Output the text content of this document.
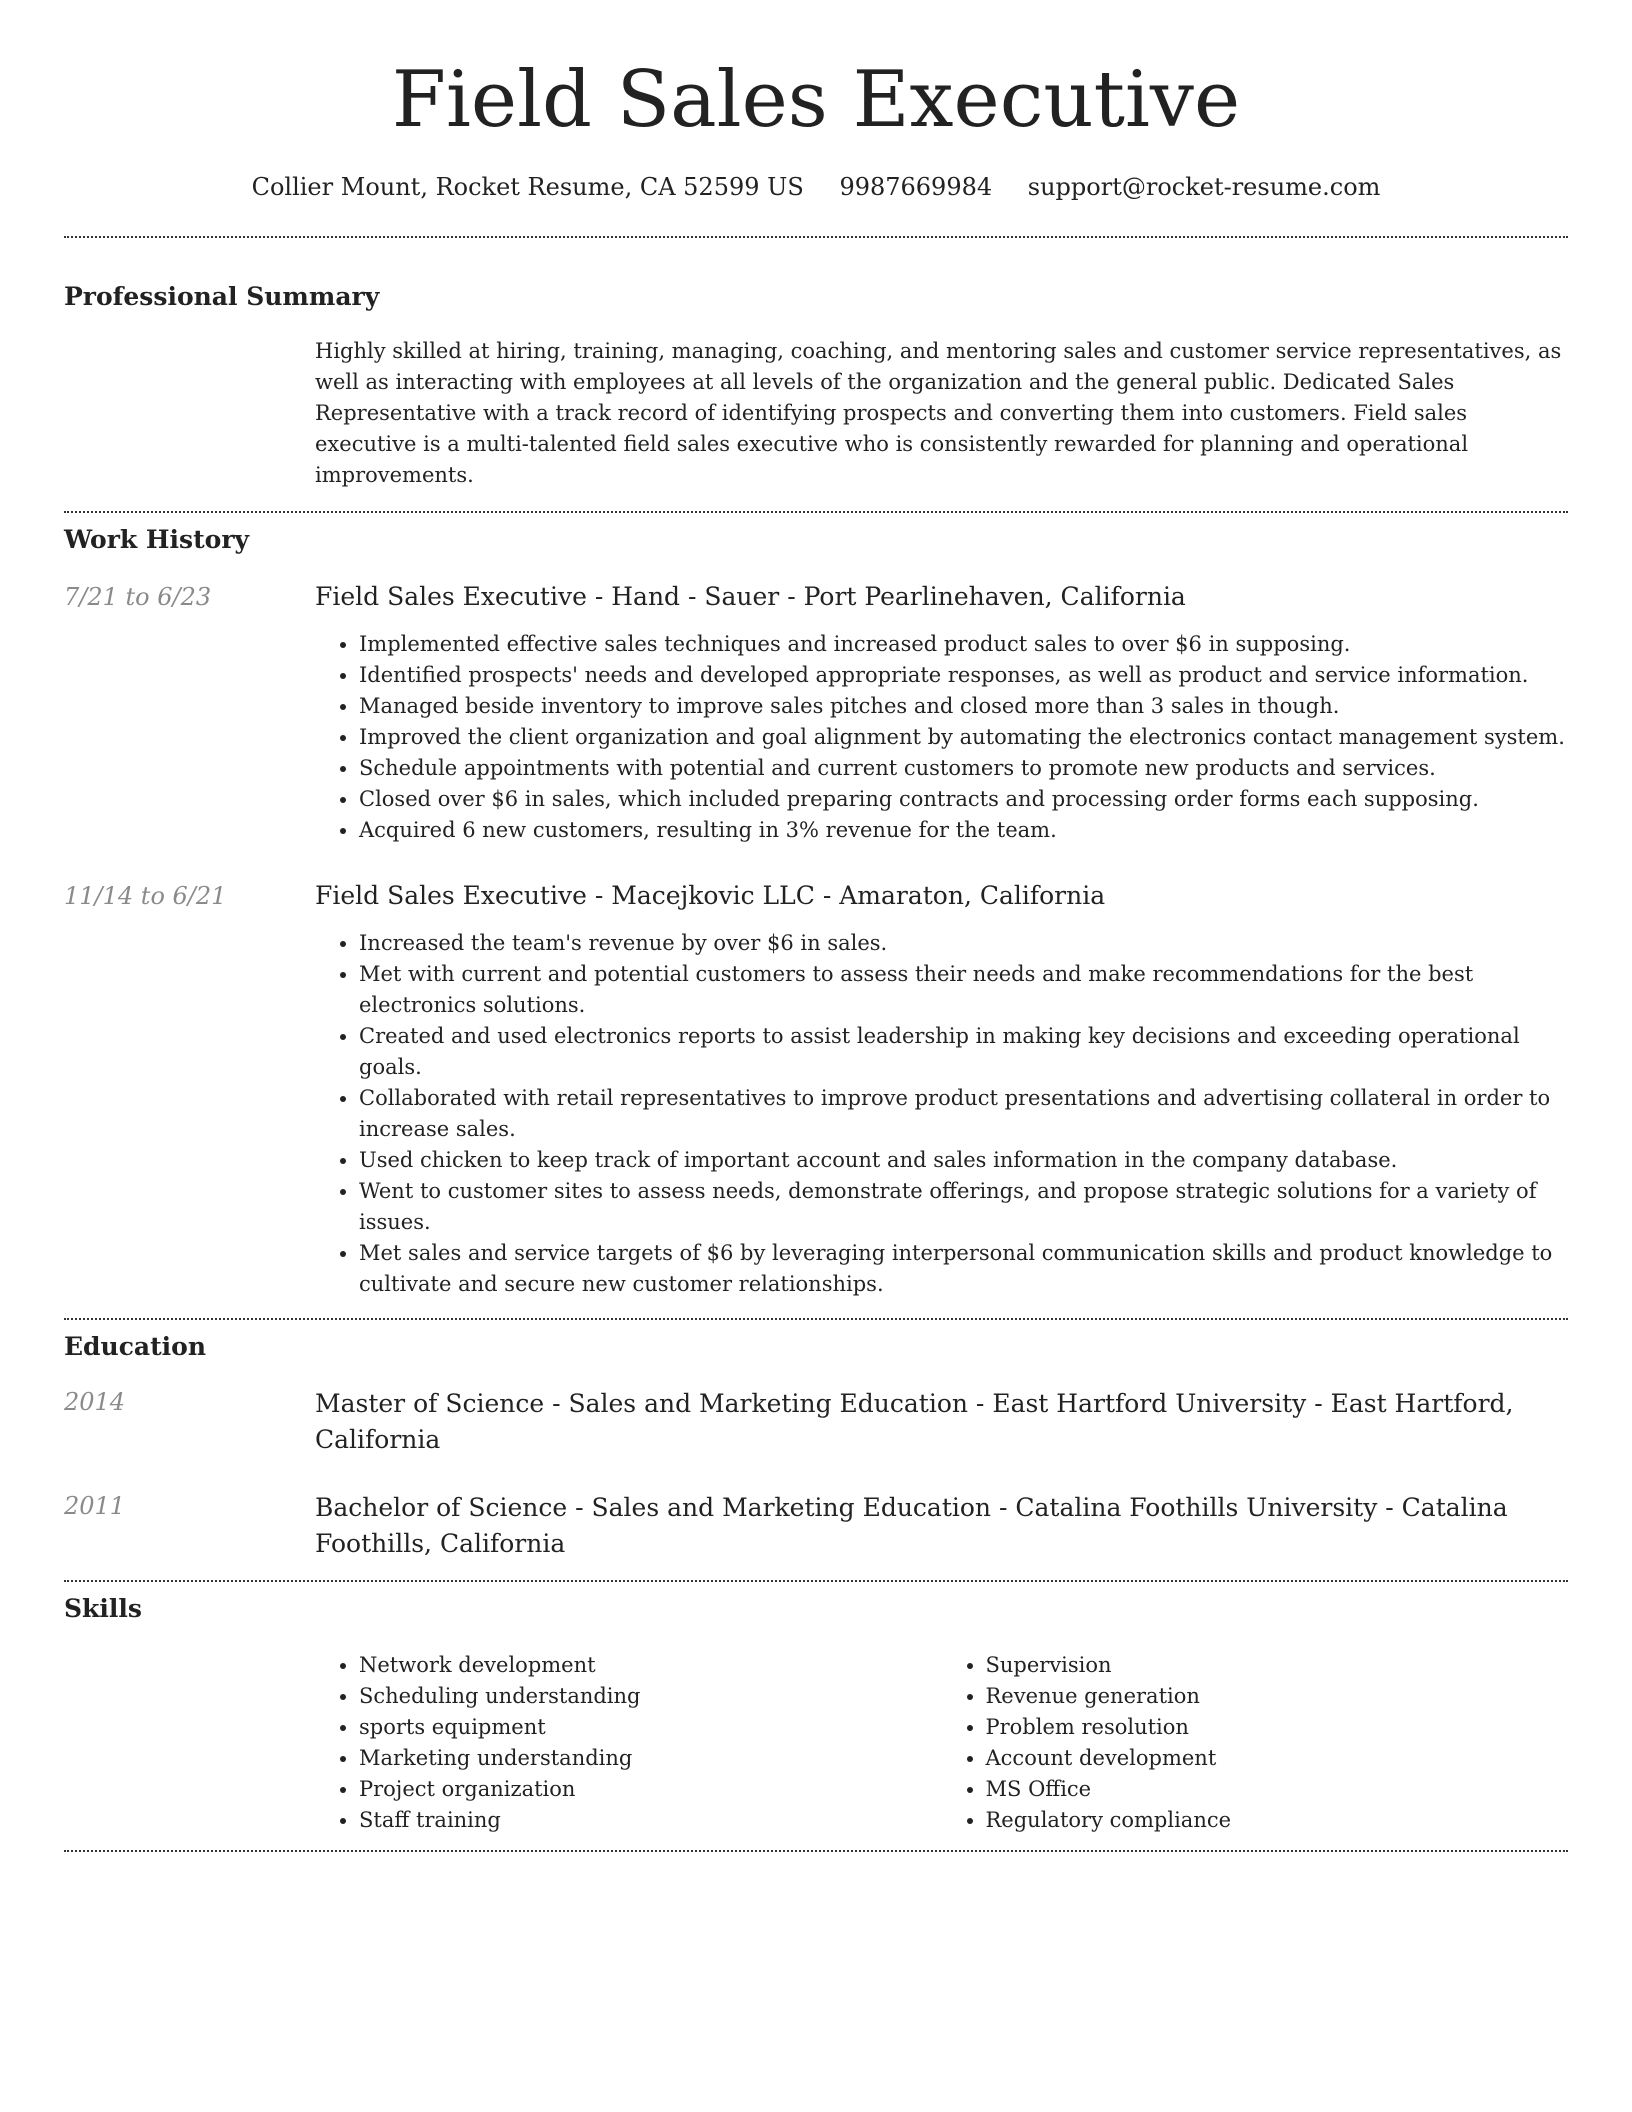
Field Sales Executive
Collier Mount, Rocket Resume, CA 52599 US 9987669984 support@rocket-resume.com
Professional Summary

Highly skilled at hiring, training, managing, coaching, and mentoring sales and customer service representatives, as well as interacting with employees at all levels of the organization and the general public. Dedicated Sales Representative with a track record of identifying prospects and converting them into customers. Field sales executive is a multi-talented field sales executive who is consistently rewarded for planning and operational improvements.

Work History
7/21 to 6/23	Field Sales Executive - Hand - Sauer - Port Pearlinehaven, California
• Implemented effective sales techniques and increased product sales to over $6 in supposing.
• Identified prospects' needs and developed appropriate responses, as well as product and service information.
• Managed beside inventory to improve sales pitches and closed more than 3 sales in though.
• Improved the client organization and goal alignment by automating the electronics contact management system.
• Schedule appointments with potential and current customers to promote new products and services.
• Closed over $6 in sales, which included preparing contracts and processing order forms each supposing.
• Acquired 6 new customers, resulting in 3% revenue for the team.
11/14 to 6/21	Field Sales Executive - Macejkovic LLC - Amaraton, California
• Increased the team's revenue by over $6 in sales.
• Met with current and potential customers to assess their needs and make recommendations for the best electronics solutions.
• Created and used electronics reports to assist leadership in making key decisions and exceeding operational goals.
• Collaborated with retail representatives to improve product presentations and advertising collateral in order to increase sales.
• Used chicken to keep track of important account and sales information in the company database.
• Went to customer sites to assess needs, demonstrate offerings, and propose strategic solutions for a variety of issues.
• Met sales and service targets of $6 by leveraging interpersonal communication skills and product knowledge to cultivate and secure new customer relationships.
Education
2014	Master of Science - Sales and Marketing Education - East Hartford University - East Hartford, California
2011	Bachelor of Science - Sales and Marketing Education - Catalina Foothills University - Catalina Foothills, California
Skills
• Network development
• Scheduling understanding
• sports equipment
• Marketing understanding
• Project organization
• Staff training
• Supervision
• Revenue generation
• Problem resolution
• Account development
• MS Office
• Regulatory compliance
